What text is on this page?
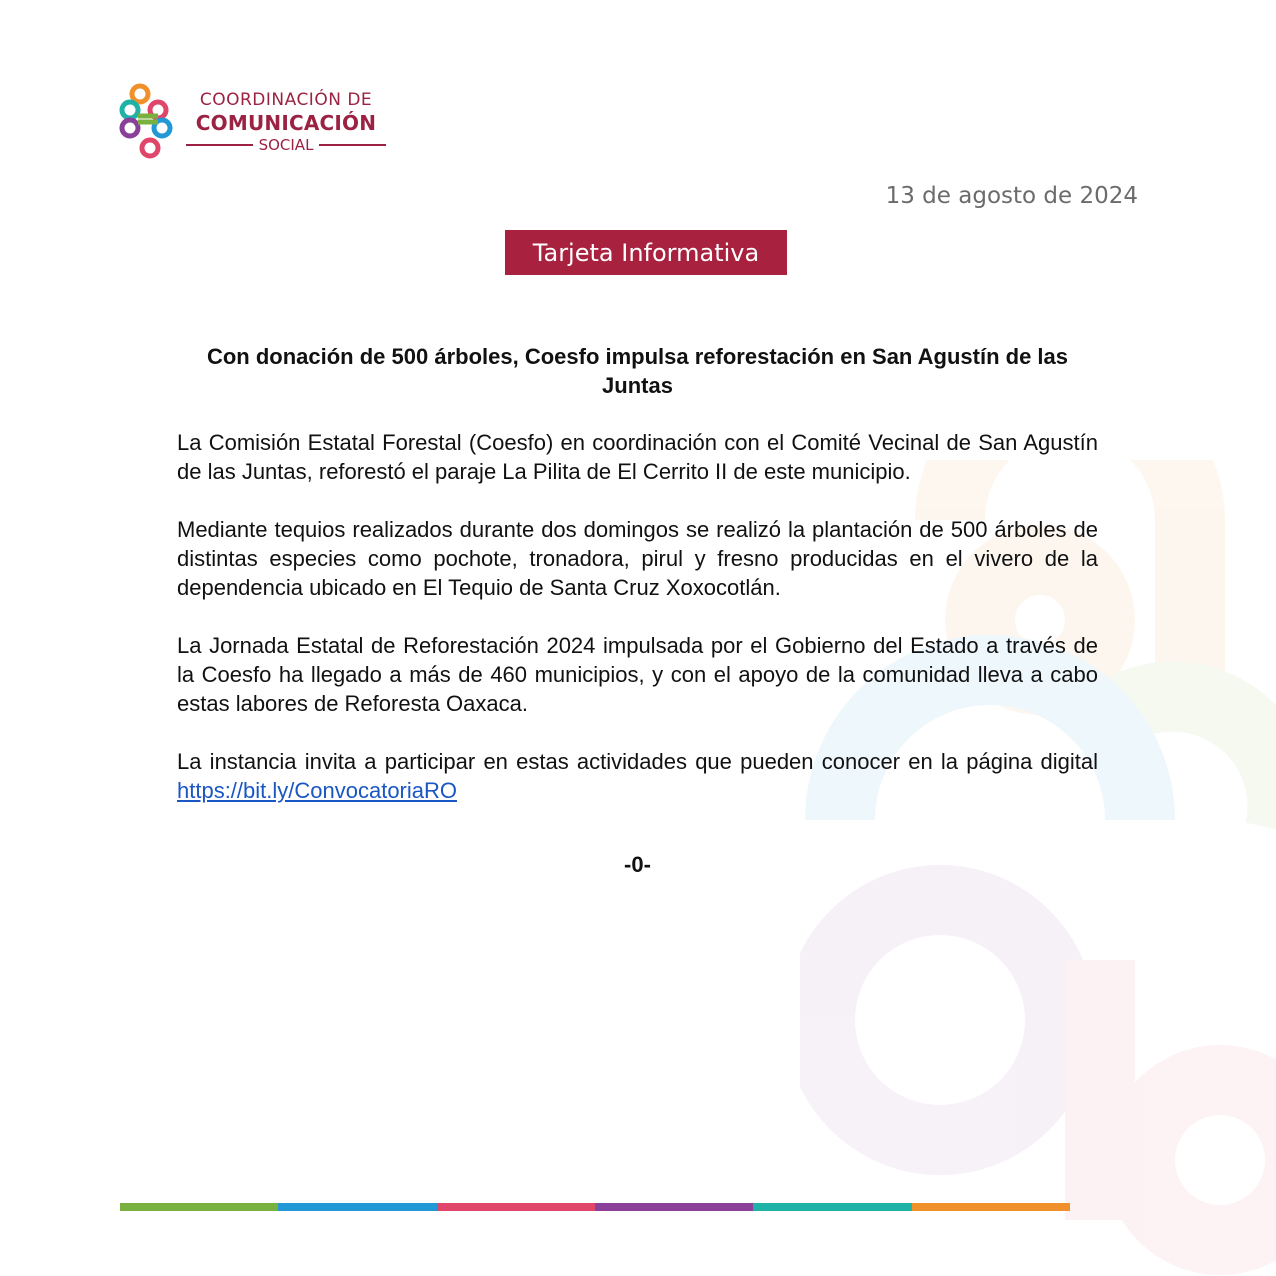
COORDINACIÓN DE
COMUNICACIÓN
SOCIAL
13 de agosto de 2024
Tarjeta Informativa

Con donación de 500 árboles, Coesfo impulsa reforestación en San Agustín de las Juntas

La Comisión Estatal Forestal (Coesfo) en coordinación con el Comité Vecinal de San Agustín de las Juntas, reforestó el paraje La Pilita de El Cerrito II de este municipio.

Mediante tequios realizados durante dos domingos se realizó la plantación de 500 árboles de distintas especies como pochote, tronadora, pirul y fresno producidas en el vivero de la dependencia ubicado en El Tequio de Santa Cruz Xoxocotlán.

La Jornada Estatal de Reforestación 2024 impulsada por el Gobierno del Estado a través de la Coesfo ha llegado a más de 460 municipios, y con el apoyo de la comunidad lleva a cabo estas labores de Reforesta Oaxaca.

La instancia invita a participar en estas actividades que pueden conocer en la página digital https://bit.ly/ConvocatoriaRO

-0-
